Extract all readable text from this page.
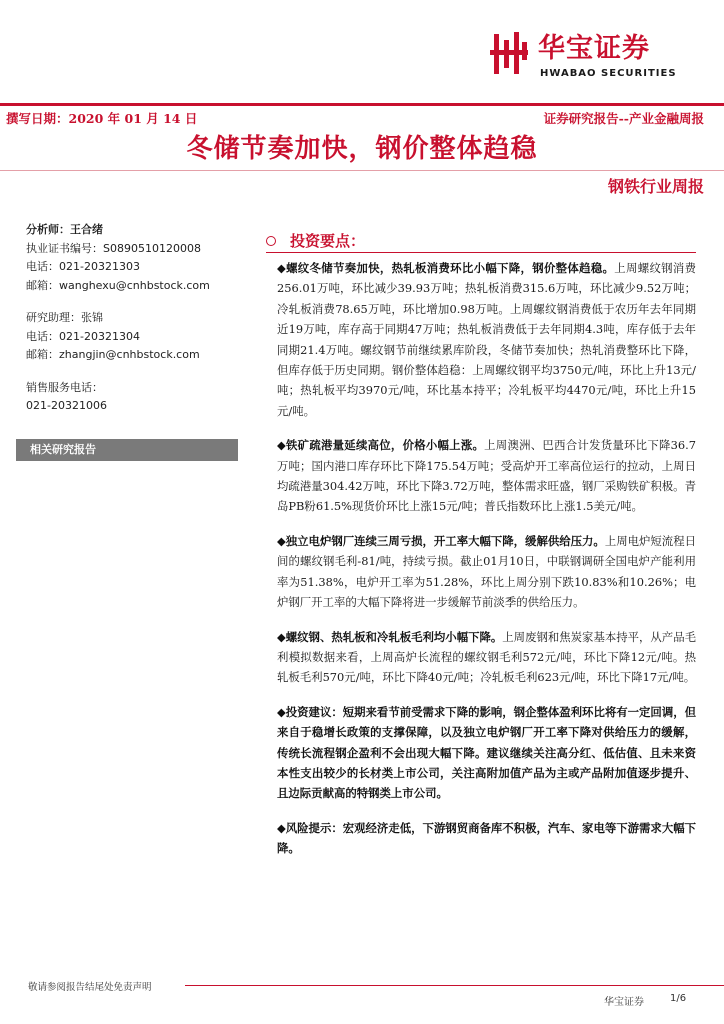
华宝证券
HWABAO SECURITIES
撰写日期：2020 年 01 月 14 日	证券研究报告--产业金融周报
冬储节奏加快，钢价整体趋稳
钢铁行业周报
分析师：王合绪
执业证书编号：S0890510120008
电话：021-20321303
邮箱：wanghexu@cnhbstock.com
研究助理：张锦
电话：021-20321304
邮箱：zhangjin@cnhbstock.com
销售服务电话：
021-20321006
相关研究报告
投资要点：
◆螺纹冬储节奏加快，热轧板消费环比小幅下降，钢价整体趋稳。上周螺纹钢消费256.01万吨，环比减少39.93万吨；热轧板消费315.6万吨，环比减少9.52万吨；冷轧板消费78.65万吨，环比增加0.98万吨。上周螺纹钢消费低于农历年去年同期近19万吨，库存高于同期47万吨；热轧板消费低于去年同期4.3吨，库存低于去年同期21.4万吨。螺纹钢节前继续累库阶段，冬储节奏加快；热轧消费整环比下降，但库存低于历史同期。钢价整体趋稳：上周螺纹钢平均3750元/吨，环比上升13元/吨；热轧板平均3970元/吨，环比基本持平；冷轧板平均4470元/吨，环比上升15元/吨。
◆铁矿疏港量延续高位，价格小幅上涨。上周澳洲、巴西合计发货量环比下降36.7万吨；国内港口库存环比下降175.54万吨；受高炉开工率高位运行的拉动，上周日均疏港量304.42万吨，环比下降3.72万吨，整体需求旺盛，钢厂采购铁矿积极。青岛PB粉61.5%现货价环比上涨15元/吨；普氏指数环比上涨1.5美元/吨。
◆独立电炉钢厂连续三周亏损，开工率大幅下降，缓解供给压力。上周电炉短流程日间的螺纹钢毛利-81/吨，持续亏损。截止01月10日，中联钢调研全国电炉产能利用率为51.38%，电炉开工率为51.28%，环比上周分别下跌10.83%和10.26%；电炉钢厂开工率的大幅下降将进一步缓解节前淡季的供给压力。
◆螺纹钢、热轧板和冷轧板毛利均小幅下降。上周废钢和焦炭家基本持平，从产品毛利模拟数据来看，上周高炉长流程的螺纹钢毛利572元/吨，环比下降12元/吨。热轧板毛利570元/吨，环比下降40元/吨；冷轧板毛利623元/吨，环比下降17元/吨。
◆投资建议：短期来看节前受需求下降的影响，钢企整体盈利环比将有一定回调，但来自于稳增长政策的支撑保障，以及独立电炉钢厂开工率下降对供给压力的缓解，传统长流程钢企盈利不会出现大幅下降。建议继续关注高分红、低估值、且未来资本性支出较少的长材类上市公司，关注高附加值产品为主或产品附加值逐步提升、且边际贡献高的特钢类上市公司。
◆风险提示：宏观经济走低，下游钢贸商备库不积极，汽车、家电等下游需求大幅下降。
敬请参阅报告结尾处免责声明
华宝证券	1/6
